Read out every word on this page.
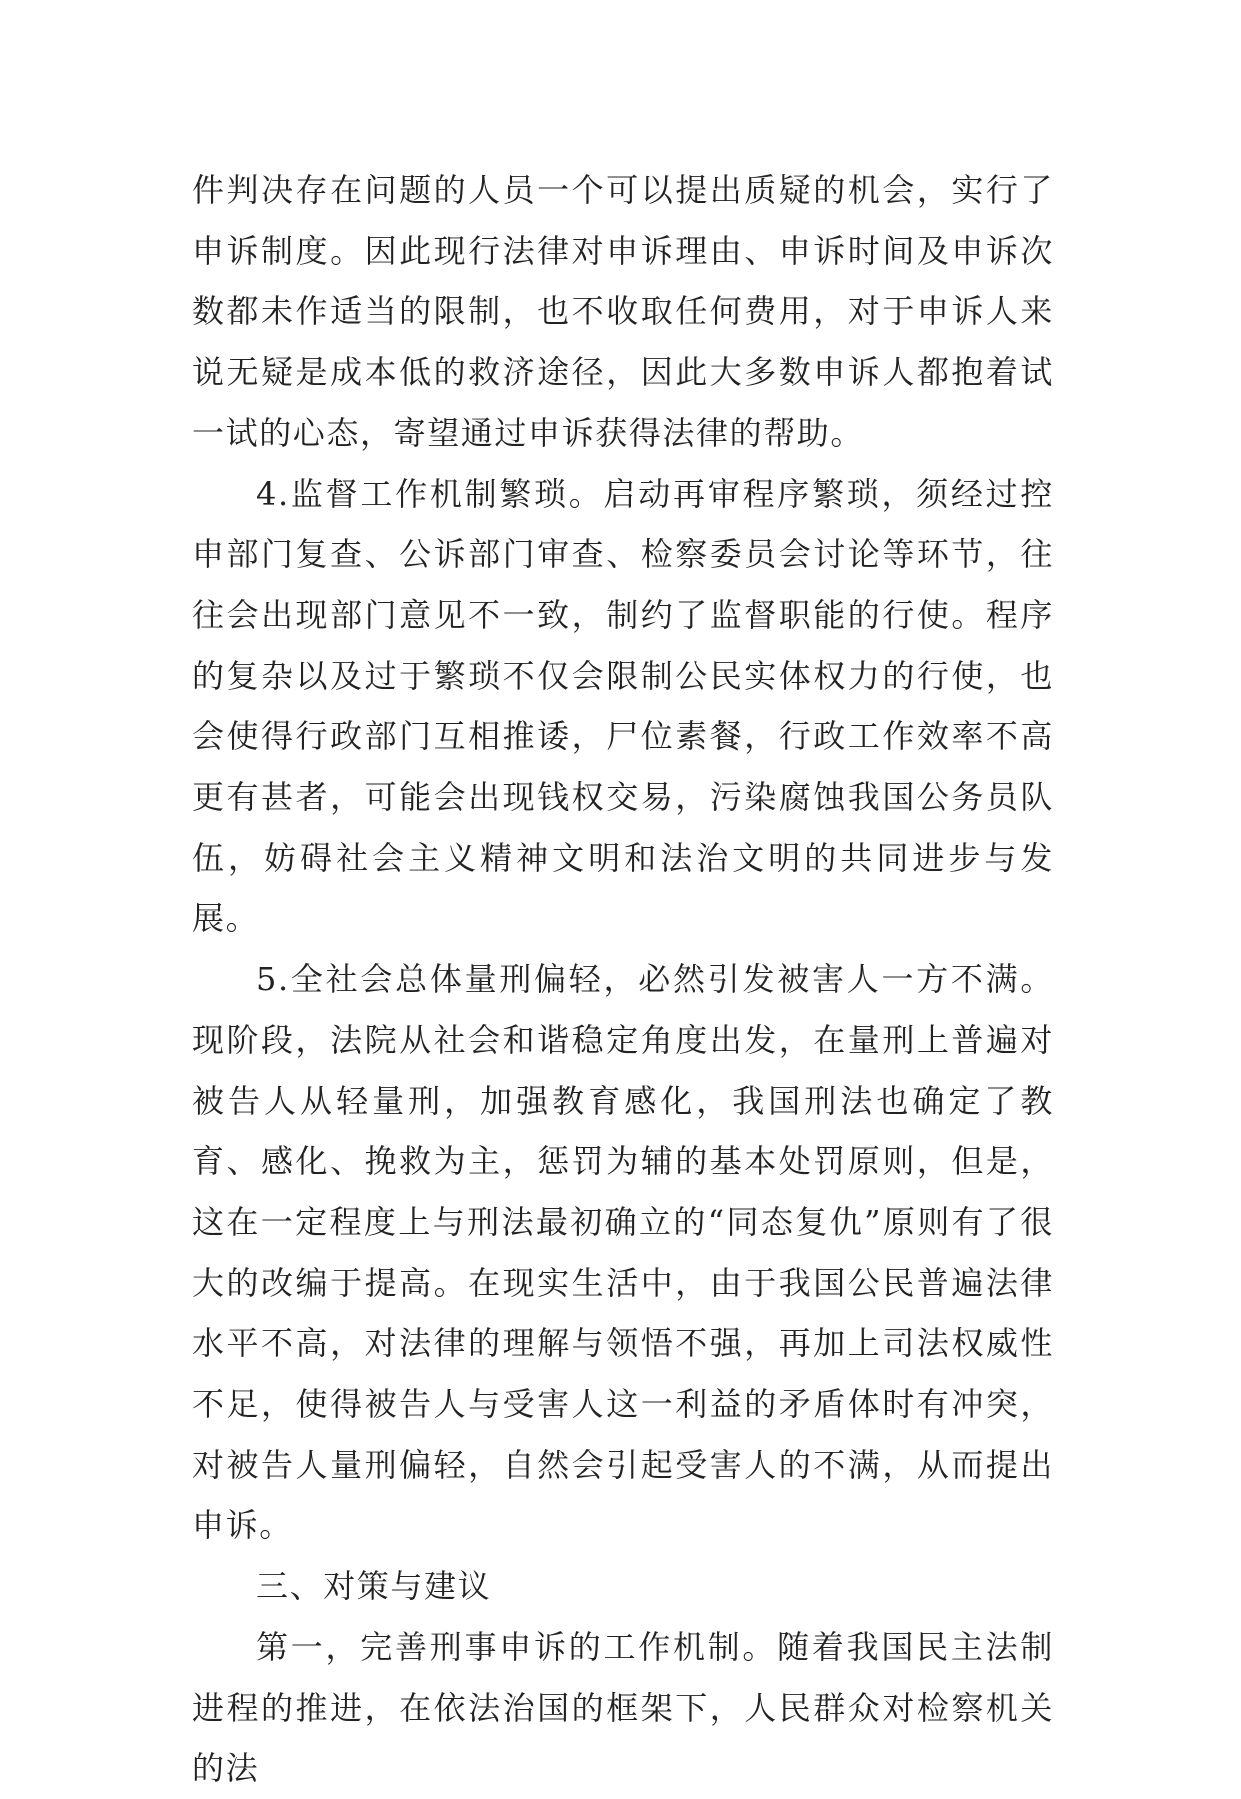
件判决存在问题的人员一个可以提出质疑的机会，实行了申诉制度。因此现行法律对申诉理由、申诉时间及申诉次数都未作适当的限制，也不收取任何费用，对于申诉人来说无疑是成本低的救济途径，因此大多数申诉人都抱着试一试的心态，寄望通过申诉获得法律的帮助。

4.监督工作机制繁琐。启动再审程序繁琐，须经过控申部门复查、公诉部门审查、检察委员会讨论等环节，往往会出现部门意见不一致，制约了监督职能的行使。程序的复杂以及过于繁琐不仅会限制公民实体权力的行使，也会使得行政部门互相推诿，尸位素餐，行政工作效率不高更有甚者，可能会出现钱权交易，污染腐蚀我国公务员队伍，妨碍社会主义精神文明和法治文明的共同进步与发展。

5.全社会总体量刑偏轻，必然引发被害人一方不满。现阶段，法院从社会和谐稳定角度出发，在量刑上普遍对被告人从轻量刑，加强教育感化，我国刑法也确定了教育、感化、挽救为主，惩罚为辅的基本处罚原则，但是，这在一定程度上与刑法最初确立的“同态复仇”原则有了很大的改编于提高。在现实生活中，由于我国公民普遍法律水平不高，对法律的理解与领悟不强，再加上司法权威性不足，使得被告人与受害人这一利益的矛盾体时有冲突，对被告人量刑偏轻，自然会引起受害人的不满，从而提出申诉。

三、对策与建议

第一，完善刑事申诉的工作机制。随着我国民主法制进程的推进，在依法治国的框架下，人民群众对检察机关的法
